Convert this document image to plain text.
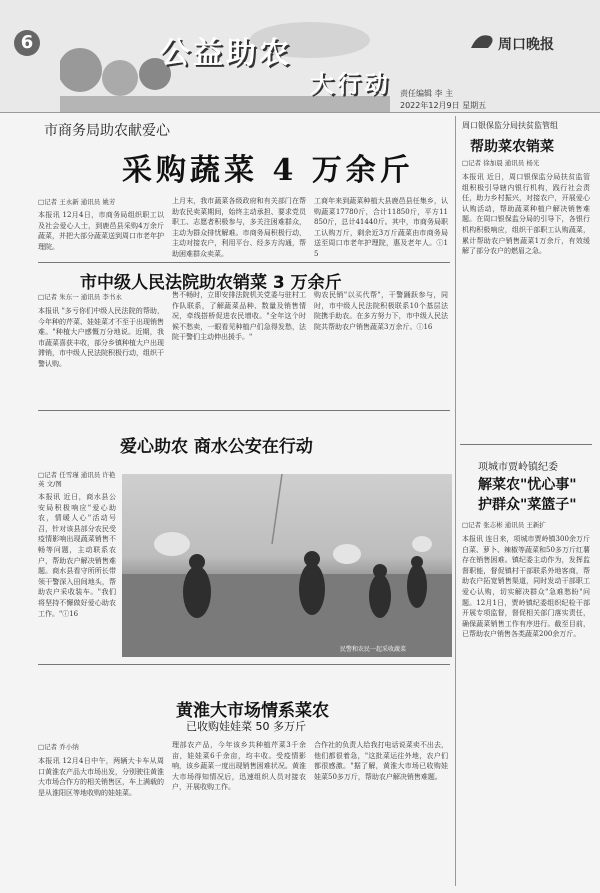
6	公益助农
大行动
周口晚报
责任编辑 李 主
2022年12月9日 星期五
市商务局助农献爱心
采购蔬菜 4 万余斤
□记者 王永新 通讯员 姚芳
本报讯 12月4日，市商务局组织职工以及社会爱心人士，到鹿邑县采购4万余斤蔬菜，并把大部分蔬菜送到周口市老年护理院。
上月末，我市蔬菜各级政府和有关部门在帮助农民卖菜期间，始终主动承担、要求党员职工、志愿者积极参与，多关注困难群众，主动为群众排忧解难。市商务局积极行动，主动对接农户，利用平台、经多方沟通，帮助困难群众卖菜。
工商年来到蔬菜种植大县鹿邑县任集乡，认购蔬菜17780斤，合计11850斤，平方11850斤，总计41440斤。其中，市商务局职工认购万斤，剩余近3万斤蔬菜由市商务局送至周口市老年护理院，惠及老年人。ⓘ15
市中级人民法院助农销菜 3 万余斤
□记者 朱东一 通讯员 李书永
本报讯 "多亏你们中级人民法院的帮助，今年种的芹菜、娃娃菜才不至于出现销售难。"种植大户感慨万分地说。近期，我市蔬菜喜获丰收，部分乡镇种植大户出现滞销，市中级人民法院积极行动，组织干警认购。
售不畅时，立即安排法院机关党委与驻村工作队联系，了解蔬菜品种、数量及销售情况，牵线搭桥促进农民增收。"全年这个时候不愁卖，一眼看见种植户们急得发愁，法院干警们主动伸出援手。"
购农民销"以买代帮"，干警踊跃参与，同时，市中级人民法院积极联系10个基层法院携手助农。在多方努力下，市中级人民法院共帮助农户销售蔬菜3万余斤。ⓘ16
爱心助农 商水公安在行动
□记者 任雪瑾 通讯员 许艳英 文/图
本报讯 近日，商水县公安局积极响应"爱心助农，情暖人心"活动号召，针对该县部分农民受疫情影响出现蔬菜销售不畅等问题，主动联系农户，帮助农户解决销售难题。商水县看守所所长带领干警深入田间地头，帮助农户采收装车。"我们将坚持不懈做好爱心助农工作。"ⓘ16
民警和农民一起采收蔬菜
黄淮大市场情系菜农
已收购娃娃菜 50 多万斤
□记者 乔小纳
本报讯 12月4日中午，两辆大卡车从周口黄淮农产品大市场出发，分别驶往黄淮大市场合作方的相关销售区，车上满载的是从淮阳区等地收购的娃娃菜。
理部农产品，今年该乡共种植芹菜3千余亩，娃娃菜6千余亩，均丰收。受疫情影响，该乡蔬菜一度出现销售困难状况。黄淮大市场得知情况后，迅速组织人员对接农户，开展收购工作。
合作社的负责人给我打电话说菜卖不出去，他们都很着急，"这批菜运往外地，农户们都很感激。"据了解，黄淮大市场已收购娃娃菜50多万斤，帮助农户解决销售难题。
周口银保监分局扶贫监管组
帮助菜农销菜
□记者 徐加晨 通讯员 杨光
本报讯 近日，周口银保监分局扶贫监管组积极引导辖内银行机构，践行社会责任，助力乡村振兴，对接农户，开展爱心认购活动，帮助蔬菜种植户解决销售难题。在周口银保监分局的引导下，各银行机构积极响应，组织干部职工认购蔬菜，累计帮助农户销售蔬菜1万余斤，有效缓解了部分农户的燃眉之急。
项城市贾岭镇纪委
解菜农"忧心事"
护群众"菜篮子"
□记者 张志彬 通讯员 王新扩
本报讯 连日来，项城市贾岭镇300余万斤白菜、萝卜、辣椒等蔬菜和50多万斤红薯存在销售困难。镇纪委主动作为，发挥监督职能，督促镇村干部联系外地客商，帮助农户拓宽销售渠道，同时发动干部职工爱心认购，切实解决群众"急难愁盼"问题。12月1日，贾岭镇纪委组织纪检干部开展专项监督，督促相关部门落实责任，确保蔬菜销售工作有序进行。截至目前，已帮助农户销售各类蔬菜200余万斤。
